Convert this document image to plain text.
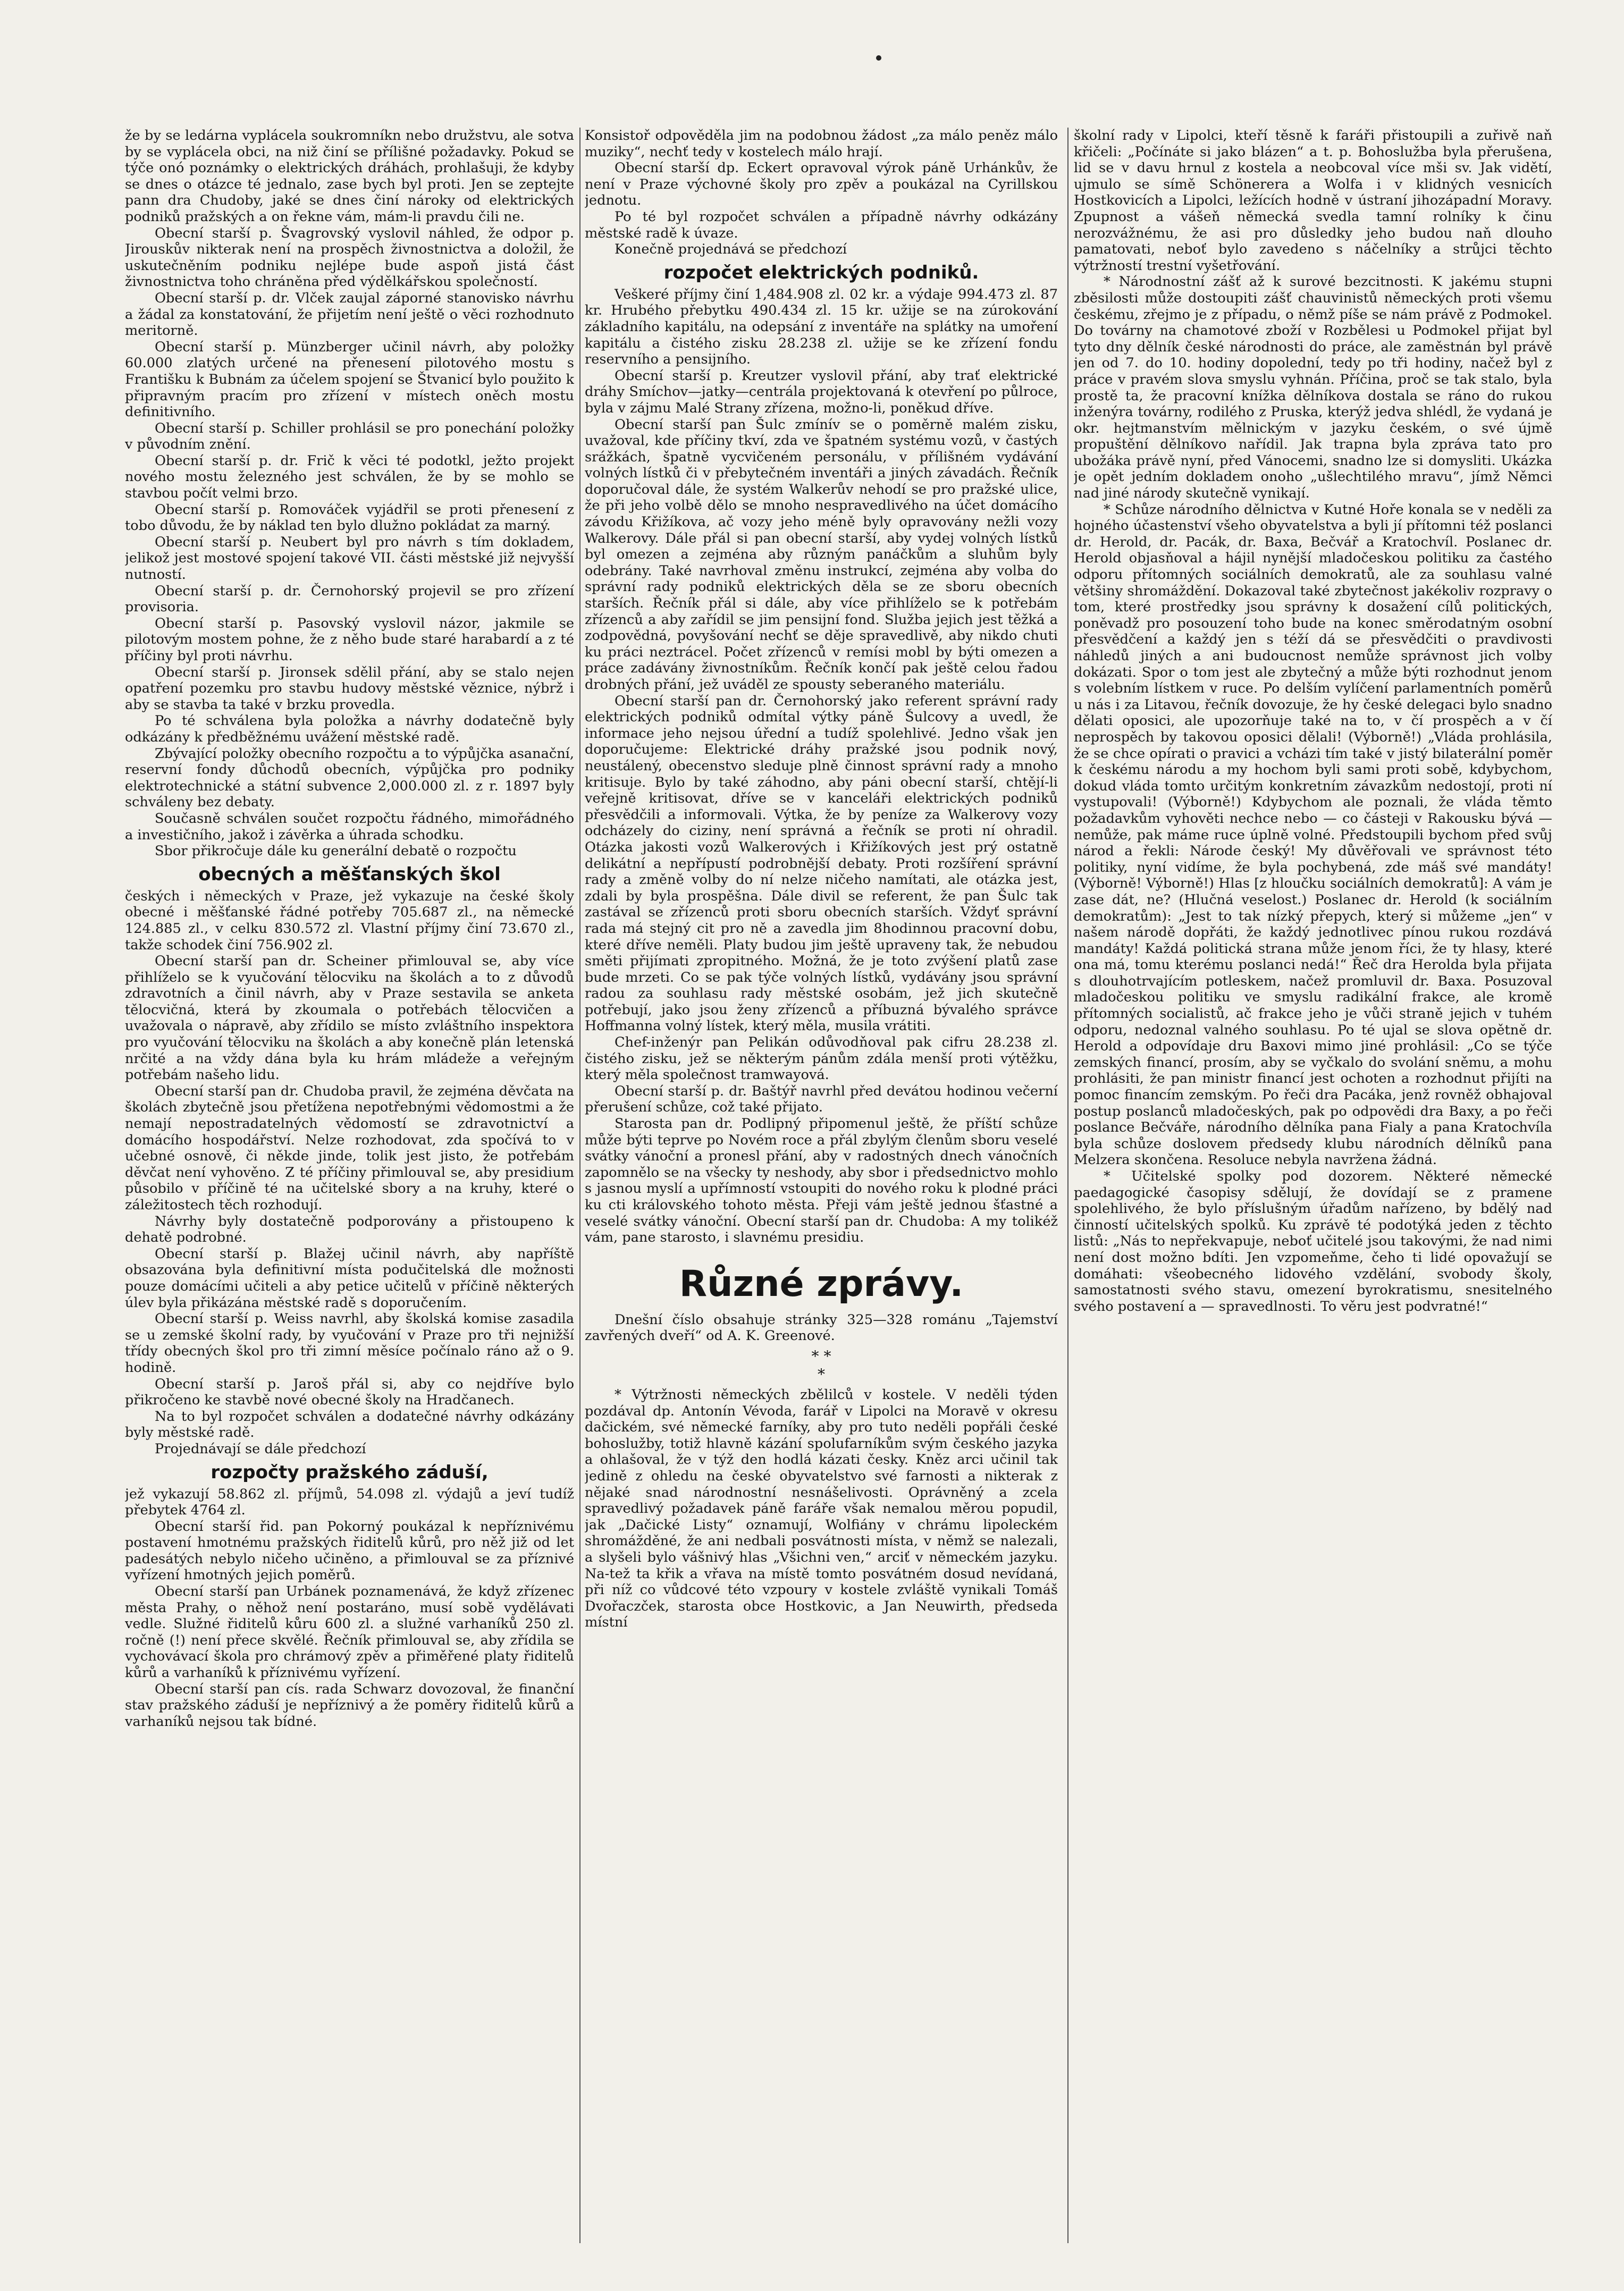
že by se ledárna vyplácela soukromníkn nebo družstvu, ale sotva by se vyplácela obci, na niž činí se přílišné požadavky. Pokud se týče onó poznámky o elektrických dráhách, prohlašuji, že kdyby se dnes o otázce té jednalo, zase bych byl proti. Jen se zeptejte pann dra Chudoby, jaké se dnes činí nároky od elektrických podniků pražských a on řekne vám, mám-li pravdu čili ne.

Obecní starší p. Švagrovský vyslovil náhled, že odpor p. Jirouskův nikterak není na prospěch živnostnictva a doložil, že uskutečněním podniku nejlépe bude aspoň jistá část živnostnictva toho chráněna před výdělkářskou společností.

Obecní starší p. dr. Vlček zaujal záporné stanovisko návrhu a žádal za konstatování, že přijetím není ještě o věci rozhodnuto meritorně.

Obecní starší p. Münzberger učinil návrh, aby položky 60.000 zlatých určené na přenesení pilotového mostu s Františku k Bubnám za účelem spojení se Štvanicí bylo použito k připravným pracím pro zřízení v místech oněch mostu definitivního.

Obecní starší p. Schiller prohlásil se pro ponechání položky v původním znění.

Obecní starší p. dr. Frič k věci té podotkl, ježto projekt nového mostu železného jest schválen, že by se mohlo se stavbou počít velmi brzo.

Obecní starší p. Romováček vyjádřil se proti přenesení z tobo důvodu, že by náklad ten bylo dlužno pokládat za marný.

Obecní starší p. Neubert byl pro návrh s tím dokladem, jelikož jest mostové spojení takové VII. části městské již nejvyšší nutností.

Obecní starší p. dr. Černohorský projevil se pro zřízení provisoria.

Obecní starší p. Pasovský vyslovil názor, jakmile se pilotovým mostem pohne, že z něho bude staré harabardí a z té příčiny byl proti návrhu.

Obecní starší p. Jironsek sdělil přání, aby se stalo nejen opatření pozemku pro stavbu hudovy městské věznice, nýbrž i aby se stavba ta také v brzku provedla.

Po té schválena byla položka a návrhy dodatečně byly odkázány k předběžnému uvážení městské radě.

Zbývající položky obecního rozpočtu a to výpůjčka asanační, reservní fondy důchodů obecních, výpůjčka pro podniky elektrotechnické a státní subvence 2,000.000 zl. z r. 1897 byly schváleny bez debaty.

Současně schválen součet rozpočtu řádného, mimořádného a investičního, jakož i závěrka a úhrada schodku.

Sbor přikročuje dále ku generální debatě o rozpočtu

obecných a měšťanských škol

českých i německých v Praze, jež vykazuje na české školy obecné i měšťanské řádné potřeby 705.687 zl., na německé 124.885 zl., v celku 830.572 zl. Vlastní příjmy činí 73.670 zl., takže schodek činí 756.902 zl.

Obecní starší pan dr. Scheiner přimlouval se, aby více přihlíželo se k vyučování tělocviku na školách a to z důvodů zdravotních a činil návrh, aby v Praze sestavila se anketa tělocvičná, která by zkoumala o potřebách tělocvičen a uvažovala o nápravě, aby zřídilo se místo zvláštního inspektora pro vyučování tělocviku na školách a aby konečně plán letenská nrčité a na vždy dána byla ku hrám mládeže a veřejným potřebám našeho lidu.

Obecní starší pan dr. Chudoba pravil, že zejména děvčata na školách zbytečně jsou přetížena nepotřebnými vědomostmi a že nemají nepostradatelných vědomostí se zdravotnictví a domácího hospodářství. Nelze rozhodovat, zda spočívá to v učebné osnově, či někde jinde, tolik jest jisto, že potřebám děvčat není vyhověno. Z té příčiny přimlouval se, aby presidium působilo v příčině té na učitelské sbory a na kruhy, které o záležitostech těch rozhodují.

Návrhy byly dostatečně podporovány a přistoupeno k dehatě podrobné.

Obecní starší p. Blažej učinil návrh, aby napříště obsazována byla definitivní místa podučitelská dle možnosti pouze domácími učiteli a aby petice učitelů v příčině některých úlev byla přikázána městské radě s doporučením.

Obecní starší p. Weiss navrhl, aby školská komise zasadila se u zemské školní rady, by vyučování v Praze pro tři nejnižší třídy obecných škol pro tři zimní měsíce počínalo ráno až o 9. hodině.

Obecní starší p. Jaroš přál si, aby co nejdříve bylo přikročeno ke stavbě nové obecné školy na Hradčanech.

Na to byl rozpočet schválen a dodatečné návrhy odkázány byly městské radě.

Projednávají se dále předchozí

rozpočty pražského záduší,

jež vykazují 58.862 zl. příjmů, 54.098 zl. výdajů a jeví tudíž přebytek 4764 zl.

Obecní starší řid. pan Pokorný poukázal k nepříznivému postavení hmotnému pražských řiditelů kůrů, pro něž již od let padesátých nebylo ničeho učiněno, a přimlouval se za příznivé vyřízení hmotných jejich poměrů.

Obecní starší pan Urbánek poznamenává, že když zřízenec města Prahy, o něhož není postaráno, musí sobě vydělávati vedle. Služné řiditelů kůru 600 zl. a služné varhaníků 250 zl. ročně (!) není přece skvělé. Řečník přimlouval se, aby zřídila se vychovávací škola pro chrámový zpěv a přiměřené platy řiditelů kůrů a varhaníků k příznivému vyřízení.

Obecní starší pan cís. rada Schwarz dovozoval, že finanční stav pražského záduší je nepříznivý a že poměry řiditelů kůrů a varhaníků nejsou tak bídné.

Konsistoř odpověděla jim na podobnou žádost „za málo peněz málo muziky“, nechť tedy v kostelech málo hrají.

Obecní starší dp. Eckert opravoval výrok páně Urhánkův, že není v Praze výchovné školy pro zpěv a poukázal na Cyrillskou jednotu.

Po té byl rozpočet schválen a případně návrhy odkázány městské radě k úvaze.

Konečně projednává se předchozí

rozpočet elektrických podniků.

Veškeré příjmy činí 1,484.908 zl. 02 kr. a výdaje 994.473 zl. 87 kr. Hrubého přebytku 490.434 zl. 15 kr. užije se na zúrokování základního kapitálu, na odepsání z inventáře na splátky na umoření kapitálu a čistého zisku 28.238 zl. užije se ke zřízení fondu reservního a pensijního.

Obecní starší p. Kreutzer vyslovil přání, aby trať elektrické dráhy Smíchov—jatky—centrála projektovaná k otevření po půlroce, byla v zájmu Malé Strany zřízena, možno-li, poněkud dříve.

Obecní starší pan Šulc zmínív se o poměrně malém zisku, uvažoval, kde příčiny tkví, zda ve špatném systému vozů, v častých srážkách, špatně vycvičeném personálu, v přílišném vydávání volných lístků či v přebytečném inventáři a jiných závadách. Řečník doporučoval dále, že systém Walkerův nehodí se pro pražské ulice, že při jeho volbě dělo se mnoho nespravedlivého na účet domácího závodu Křižíkova, ač vozy jeho méně byly opravovány nežli vozy Walkerovy. Dále přál si pan obecní starší, aby vydej volných lístků byl omezen a zejména aby různým panáčkům a sluhům byly odebrány. Také navrhoval změnu instrukcí, zejména aby volba do správní rady podniků elektrických děla se ze sboru obecních starších. Řečník přál si dále, aby více přihlíželo se k potřebám zřízenců a aby zařídil se jim pensijní fond. Služba jejich jest těžká a zodpovědná, povyšování nechť se děje spravedlivě, aby nikdo chuti ku práci neztrácel. Počet zřízenců v remísi mobl by býti omezen a práce zadávány živnostníkům. Řečník končí pak ještě celou řadou drobných přání, jež uváděl ze spousty seberaného materiálu.

Obecní starší pan dr. Černohorský jako referent správní rady elektrických podniků odmítal výtky páně Šulcovy a uvedl, že informace jeho nejsou úřední a tudíž spolehlivé. Jedno však jen doporučujeme: Elektrické dráhy pražské jsou podnik nový, neustálený, obecenstvo sleduje plně činnost správní rady a mnoho kritisuje. Bylo by také záhodno, aby páni obecní starší, chtějí-li veřejně kritisovat, dříve se v kanceláři elektrických podniků přesvědčili a informovali. Výtka, že by peníze za Walkerovy vozy odcházely do ciziny, není správná a řečník se proti ní ohradil. Otázka jakosti vozů Walkerových i Křižíkových jest prý ostatně delikátní a nepřípustí podrobnější debaty. Proti rozšíření správní rady a změně volby do ní nelze ničeho namítati, ale otázka jest, zdali by byla prospěšna. Dále divil se referent, že pan Šulc tak zastával se zřízenců proti sboru obecních starších. Vždyť správní rada má stejný cit pro ně a zavedla jim 8hodinnou pracovní dobu, které dříve neměli. Platy budou jim ještě upraveny tak, že nebudou směti přijímati zpropitného. Možná, že je toto zvýšení platů zase bude mrzeti. Co se pak týče volných lístků, vydávány jsou správní radou za souhlasu rady městské osobám, jež jich skutečně potřebují, jako jsou ženy zřízenců a příbuzná bývalého správce Hoffmanna volný lístek, který měla, musila vrátiti.

Chef-inženýr pan Pelikán odůvodňoval pak cifru 28.238 zl. čistého zisku, jež se některým pánům zdála menší proti výtěžku, který měla společnost tramwayová.

Obecní starší p. dr. Baštýř navrhl před devátou hodinou večerní přerušení schůze, což také přijato.

Starosta pan dr. Podlipný připomenul ještě, že příští schůze může býti teprve po Novém roce a přál zbylým členům sboru veselé svátky vánoční a pronesl přání, aby v radostných dnech vánočních zapomnělo se na všecky ty neshody, aby sbor i předsednictvo mohlo s jasnou myslí a upřímností vstoupiti do nového roku k plodné práci ku cti královského tohoto města. Přeji vám ještě jednou šťastné a veselé svátky vánoční. Obecní starší pan dr. Chudoba: A my tolikéž vám, pane starosto, i slavnému presidiu.

Různé zprávy.

Dnešní číslo obsahuje stránky 325—328 románu „Tajemství zavřených dveří“ od A. K. Greenové.

* *
*

* Výtržnosti německých zbělilců v kostele. V neděli týden pozdával dp. Antonín Vévoda, farář v Lipolci na Moravě v okresu dačickém, své německé farníky, aby pro tuto neděli popřáli české bohoslužby, totiž hlavně kázání spolufarníkům svým českého jazyka a ohlašoval, že v týž den hodlá kázati česky. Kněz arci učinil tak jedině z ohledu na české obyvatelstvo své farnosti a nikterak z nějaké snad národnostní nesnášelivosti. Oprávněný a zcela spravedlivý požadavek páně faráře však nemalou měrou popudil, jak „Dačické Listy“ oznamují, Wolfiány v chrámu lipoleckém shromážděné, že ani nedbali posvátnosti místa, v němž se nalezali, a slyšeli bylo vášnivý hlas „Všichni ven,“ arciť v německém jazyku. Na-tež ta křik a vřava na místě tomto posvátném dosud nevídaná, při níž co vůdcové této vzpoury v kostele zvláště vynikali Tomáš Dvořaczček, starosta obce Hostkovic, a Jan Neuwirth, předseda místní

školní rady v Lipolci, kteří těsně k faráři přistoupili a zuřivě naň křičeli: „Počínáte si jako blázen“ a t. p. Bohoslužba byla přerušena, lid se v davu hrnul z kostela a neobcoval více mši sv. Jak vidětí, ujmulo se símě Schönerera a Wolfa i v klidných vesnicích Hostkovicích a Lipolci, ležících hodně v ústraní jihozápadní Moravy. Zpupnost a vášeň německá svedla tamní rolníky k činu nerozvážnému, že asi pro důsledky jeho budou naň dlouho pamatovati, neboť bylo zavedeno s náčelníky a strůjci těchto výtržností trestní vyšetřování.

* Národnostní zášť až k surové bezcitnosti. K jakému stupni zběsilosti může dostoupiti zášť chauvinistů německých proti všemu českému, zřejmo je z případu, o němž píše se nám právě z Podmokel. Do továrny na chamotové zboží v Rozbělesi u Podmokel přijat byl tyto dny dělník české národnosti do práce, ale zaměstnán byl právě jen od 7. do 10. hodiny dopolední, tedy po tři hodiny, načež byl z práce v pravém slova smyslu vyhnán. Příčina, proč se tak stalo, byla prostě ta, že pracovní knížka dělníkova dostala se ráno do rukou inženýra továrny, rodilého z Pruska, kterýž jedva shlédl, že vydaná je okr. hejtmanstvím mělnickým v jazyku českém, o své újmě propuštění dělníkovo nařídil. Jak trapna byla zpráva tato pro ubožáka právě nyní, před Vánocemi, snadno lze si domysliti. Ukázka je opět jedním dokladem onoho „ušlechtilého mravu“, jímž Němci nad jiné národy skutečně vynikají.

* Schůze národního dělnictva v Kutné Hoře konala se v neděli za hojného účastenství všeho obyvatelstva a byli jí přítomni též poslanci dr. Herold, dr. Pacák, dr. Baxa, Bečvář a Kratochvíl. Poslanec dr. Herold objasňoval a hájil nynější mladočeskou politiku za častého odporu přítomných sociálních demokratů, ale za souhlasu valné většiny shromáždění. Dokazoval také zbytečnost jakékoliv rozpravy o tom, které prostředky jsou správny k dosažení cílů politických, poněvadž pro posouzení toho bude na konec směrodatným osobní přesvědčení a každý jen s téží dá se přesvědčiti o pravdivosti náhledů jiných a ani budoucnost nemůže správnost jich volby dokázati. Spor o tom jest ale zbytečný a může býti rozhodnut jenom s volebním lístkem v ruce. Po delším vylíčení parlamentních poměrů u nás i za Litavou, řečník dovozuje, že hy české delegaci bylo snadno dělati oposici, ale upozorňuje také na to, v čí prospěch a v čí neprospěch by takovou oposici dělali! (Výborně!) „Vláda prohlásila, že se chce opírati o pravici a vcházi tím také v jistý bilaterální poměr k českému národu a my hochom byli sami proti sobě, kdybychom, dokud vláda tomto určitým konkretním závazkům nedostojí, proti ní vystupovali! (Výborně!) Kdybychom ale poznali, že vláda těmto požadavkům vyhověti nechce nebo — co částeji v Rakousku bývá — nemůže, pak máme ruce úplně volné. Předstoupili bychom před svůj národ a řekli: Národe český! My důvěřovali ve správnost této politiky, nyní vidíme, že byla pochybená, zde máš své mandáty! (Výborně! Výborně!) Hlas [z hloučku sociálních demokratů]: A vám je zase dát, ne? (Hlučná veselost.) Poslanec dr. Herold (k sociálním demokratům): „Jest to tak nízký přepych, který si můžeme „jen“ v našem národě dopřáti, že každý jednotlivec pínou rukou rozdává mandáty! Každá politická strana může jenom říci, že ty hlasy, které ona má, tomu kterému poslanci nedá!“ Řeč dra Herolda byla přijata s dlouhotrvajícím potleskem, načež promluvil dr. Baxa. Posuzoval mladočeskou politiku ve smyslu radikální frakce, ale kromě přítomných socialistů, ač frakce jeho je vůči straně jejich v tuhém odporu, nedoznal valného souhlasu. Po té ujal se slova opětně dr. Herold a odpovídaje dru Baxovi mimo jiné prohlásil: „Co se týče zemských financí, prosím, aby se vyčkalo do svolání sněmu, a mohu prohlásiti, že pan ministr financí jest ochoten a rozhodnut přijíti na pomoc financím zemským. Po řeči dra Pacáka, jenž rovněž obhajoval postup poslanců mladočeských, pak po odpovědi dra Baxy, a po řeči poslance Bečváře, národního dělníka pana Fialy a pana Kratochvíla byla schůze doslovem předsedy klubu národních dělníků pana Melzera skončena. Resoluce nebyla navržena žádná.

* Učitelské spolky pod dozorem. Některé německé paedagogické časopisy sdělují, že dovídají se z pramene spolehlivého, že bylo příslušným úřadům nařízeno, by bdělý nad činností učitelských spolků. Ku zprávě té podotýká jeden z těchto listů: „Nás to nepřekvapuje, neboť učitelé jsou takovými, že nad nimi není dost možno bdíti. Jen vzpomeňme, čeho ti lidé opovažují se domáhati: všeobecného lidového vzdělání, svobody školy, samostatnosti svého stavu, omezení byrokratismu, snesitelného svého postavení a — spravedlnosti. To věru jest podvratné!“
